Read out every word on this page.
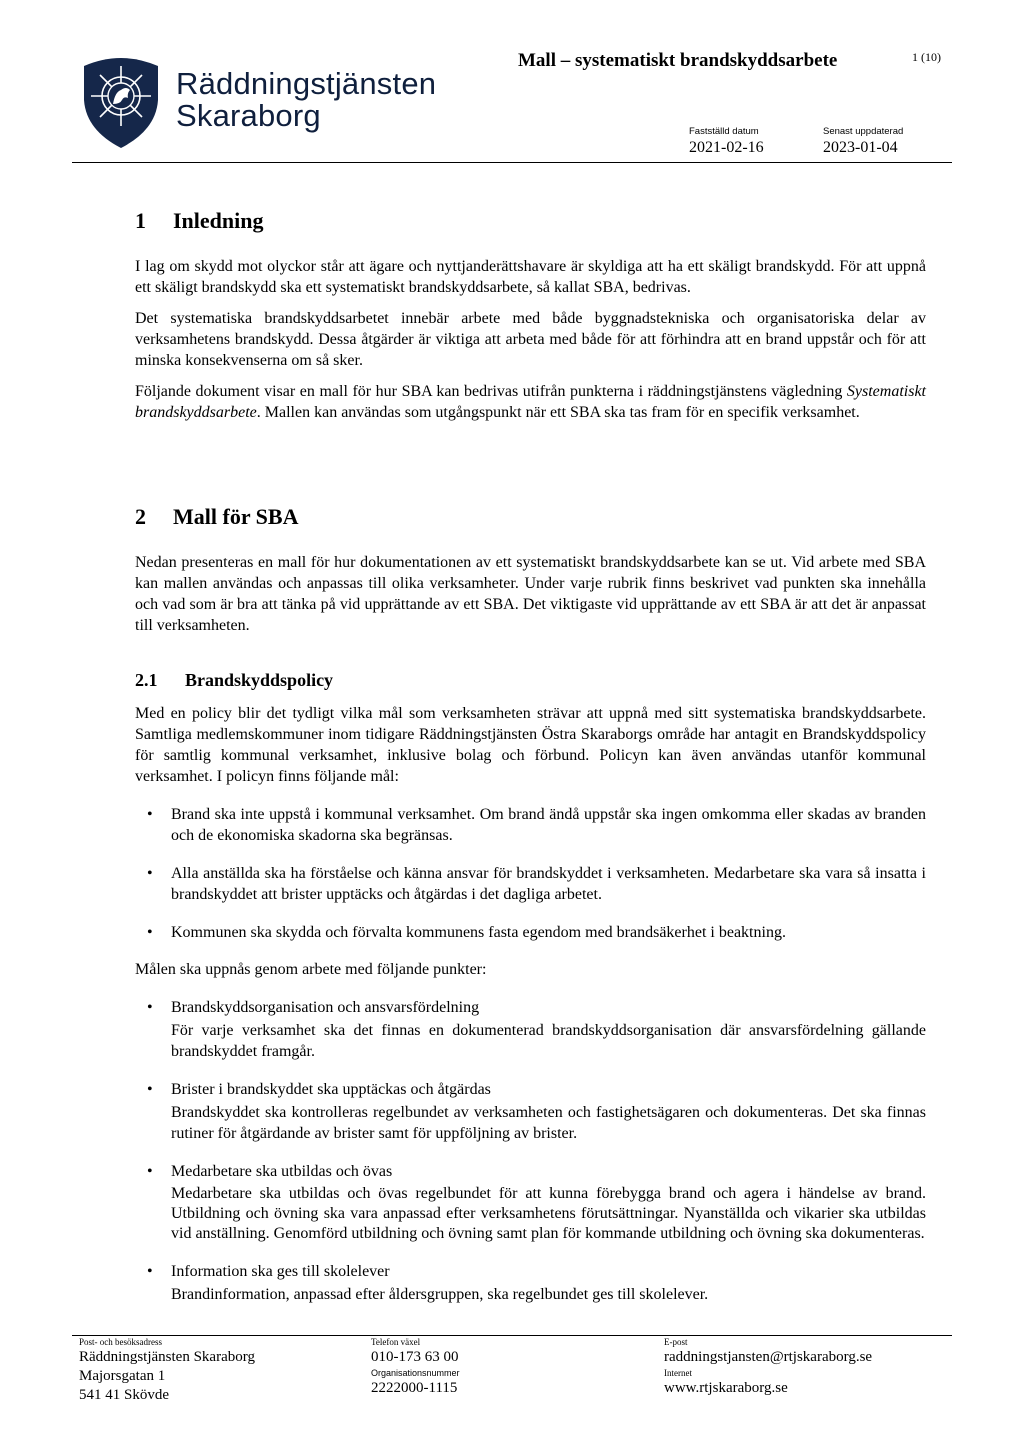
Räddningstjänsten
Skaraborg
Mall – systematiskt brandskyddsarbete	1 (10)
Fastställd datum
2021-02-16
Senast uppdaterad
2023-01-04
1 Inledning

I lag om skydd mot olyckor står att ägare och nyttjanderättshavare är skyldiga att ha ett skäligt brandskydd. För att uppnå ett skäligt brandskydd ska ett systematiskt brandskyddsarbete, så kallat SBA, bedrivas.

Det systematiska brandskyddsarbetet innebär arbete med både byggnadstekniska och organisatoriska delar av verksamhetens brandskydd. Dessa åtgärder är viktiga att arbeta med både för att förhindra att en brand uppstår och för att minska konsekvenserna om så sker.

Följande dokument visar en mall för hur SBA kan bedrivas utifrån punkterna i räddningstjänstens vägledning Systematiskt brandskyddsarbete. Mallen kan användas som utgångspunkt när ett SBA ska tas fram för en specifik verksamhet.

2 Mall för SBA

Nedan presenteras en mall för hur dokumentationen av ett systematiskt brandskyddsarbete kan se ut. Vid arbete med SBA kan mallen användas och anpassas till olika verksamheter. Under varje rubrik finns beskrivet vad punkten ska innehålla och vad som är bra att tänka på vid upprättande av ett SBA. Det viktigaste vid upprättande av ett SBA är att det är anpassat till verksamheten.

2.1 Brandskyddspolicy

Med en policy blir det tydligt vilka mål som verksamheten strävar att uppnå med sitt systematiska brandskyddsarbete. Samtliga medlemskommuner inom tidigare Räddningstjänsten Östra Skaraborgs område har antagit en Brandskyddspolicy för samtlig kommunal verksamhet, inklusive bolag och förbund. Policyn kan även användas utanför kommunal verksamhet. I policyn finns följande mål:

• Brand ska inte uppstå i kommunal verksamhet. Om brand ändå uppstår ska ingen omkomma eller skadas av branden och de ekonomiska skadorna ska begränsas.
• Alla anställda ska ha förståelse och känna ansvar för brandskyddet i verksamheten. Medarbetare ska vara så insatta i brandskyddet att brister upptäcks och åtgärdas i det dagliga arbetet.
• Kommunen ska skydda och förvalta kommunens fasta egendom med brandsäkerhet i beaktning.

Målen ska uppnås genom arbete med följande punkter:

• Brandskyddsorganisation och ansvarsfördelning
För varje verksamhet ska det finnas en dokumenterad brandskyddsorganisation där ansvarsfördelning gällande brandskyddet framgår.
• Brister i brandskyddet ska upptäckas och åtgärdas
Brandskyddet ska kontrolleras regelbundet av verksamheten och fastighetsägaren och dokumenteras. Det ska finnas rutiner för åtgärdande av brister samt för uppföljning av brister.
• Medarbetare ska utbildas och övas
Medarbetare ska utbildas och övas regelbundet för att kunna förebygga brand och agera i händelse av brand. Utbildning och övning ska vara anpassad efter verksamhetens förutsättningar. Nyanställda och vikarier ska utbildas vid anställning. Genomförd utbildning och övning samt plan för kommande utbildning och övning ska dokumenteras.
• Information ska ges till skolelever
Brandinformation, anpassad efter åldersgruppen, ska regelbundet ges till skolelever.
Post- och besöksadress
Räddningstjänsten Skaraborg
Majorsgatan 1
541 41 Skövde
Telefon växel
010-173 63 00
Organisationsnummer
2222000-1115
E-post
raddningstjansten@rtjskaraborg.se
Internet
www.rtjskaraborg.se
